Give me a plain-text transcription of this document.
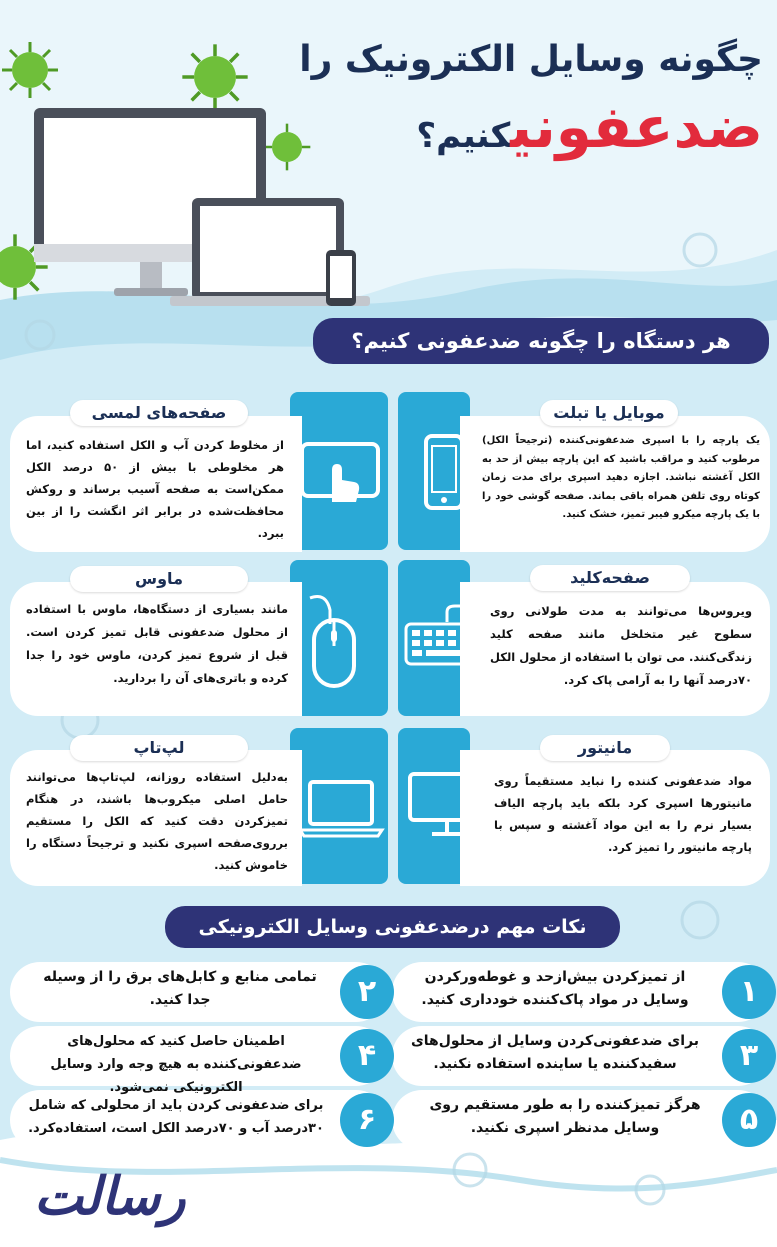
چگونه وسایل الکترونیک را
ضدعفونیکنیم؟
هر دستگاه را چگونه ضدعفونی کنیم؟
موبایل یا تبلت
یک پارچه را با اسپری ضدعفونی‌کننده (ترجیحاً الکل) مرطوب کنید و مراقب باشید که این پارچه بیش از حد به الکل آغشته نباشد. اجازه دهید اسپری برای مدت زمان کوتاه روی تلفن همراه باقی بماند. صفحه گوشی خود را با یک پارچه میکرو فیبر تمیز، خشک کنید.
صفحه‌های لمسی
از مخلوط کردن آب و الکل استفاده کنید، اما هر مخلوطی با بیش از ۵۰ درصد الکل ممکن‌است به صفحه آسیب برساند و روکش محافظت‌شده در برابر اثر انگشت را از بین ببرد.
صفحه‌کلید
ویروس‌ها می‌توانند به مدت طولانی روی سطوح غیر متخلخل مانند صفحه کلید زندگی‌کنند. می توان با استفاده از محلول الکل ۷۰درصد آنها را به آرامی پاک کرد.
ماوس
مانند بسیاری از دستگاه‌ها، ماوس با استفاده از محلول ضدعفونی قابل تمیز کردن است. قبل از شروع تمیز کردن، ماوس خود را جدا کرده و باتری‌های آن را بردارید.
مانیتور
مواد ضدعفونی کننده را نباید مستقیماً روی مانیتورها اسپری کرد بلکه باید پارچه الیاف بسیار نرم را به این مواد آغشته و سپس با پارچه مانیتور را تمیز کرد.
لپ‌تاپ
به‌دلیل استفاده روزانه، لپ‌تاپ‌ها می‌توانند حامل اصلی میکروب‌ها باشند، در هنگام تمیزکردن دقت کنید که الکل را مستقیم برروی‌صفحه اسپری نکنید و ترجیحاً دستگاه را خاموش کنید.
نکات مهم درضدعفونی وسایل الکترونیکی
۱
از تمیزکردن بیش‌ازحد و غوطه‌ورکردن وسایل در مواد پاک‌کننده خودداری کنید.
۲
تمامی منابع و کابل‌های برق را از وسیله جدا کنید.
۳
برای ضدعفونی‌کردن وسایل از محلول‌های سفیدکننده یا ساینده استفاده نکنید.
۴
اطمینان حاصل کنید که محلول‌های ضدعفونی‌کننده به هیچ وجه وارد وسایل الکترونیکی نمی‌شود.
۵
هرگز تمیزکننده را به طور مستقیم روی وسایل مدنظر اسپری نکنید.
۶
برای ضدعفونی کردن باید از محلولی که شامل ۳۰درصد آب و ۷۰درصد الکل است، استفاده‌کرد.
رسالت
